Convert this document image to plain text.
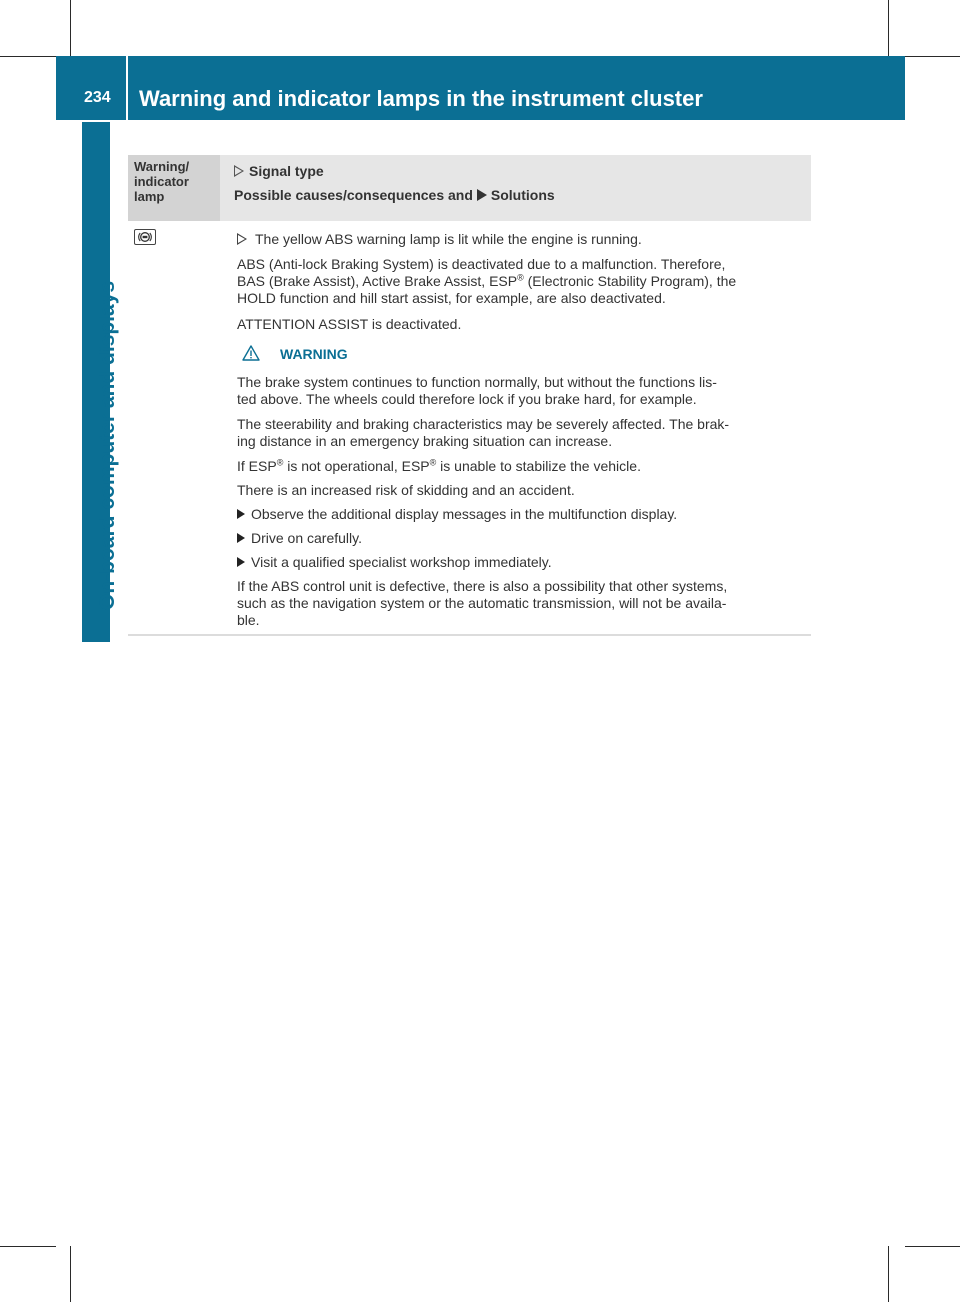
234 Warning and indicator lamps in the instrument cluster
On-board computer and displays
Warning/
indicator
lamp
Signal type
Possible causes/consequences and Solutions
The yellow ABS warning lamp is lit while the engine is running.
ABS (Anti-lock Braking System) is deactivated due to a malfunction. Therefore,
BAS (Brake Assist), Active Brake Assist, ESP® (Electronic Stability Program), the
HOLD function and hill start assist, for example, are also deactivated.
ATTENTION ASSIST is deactivated.
WARNING
The brake system continues to function normally, but without the functions lis-
ted above. The wheels could therefore lock if you brake hard, for example.
The steerability and braking characteristics may be severely affected. The brak-
ing distance in an emergency braking situation can increase.
If ESP® is not operational, ESP® is unable to stabilize the vehicle.
There is an increased risk of skidding and an accident.
Observe the additional display messages in the multifunction display.
Drive on carefully.
Visit a qualified specialist workshop immediately.
If the ABS control unit is defective, there is also a possibility that other systems,
such as the navigation system or the automatic transmission, will not be availa-
ble.
